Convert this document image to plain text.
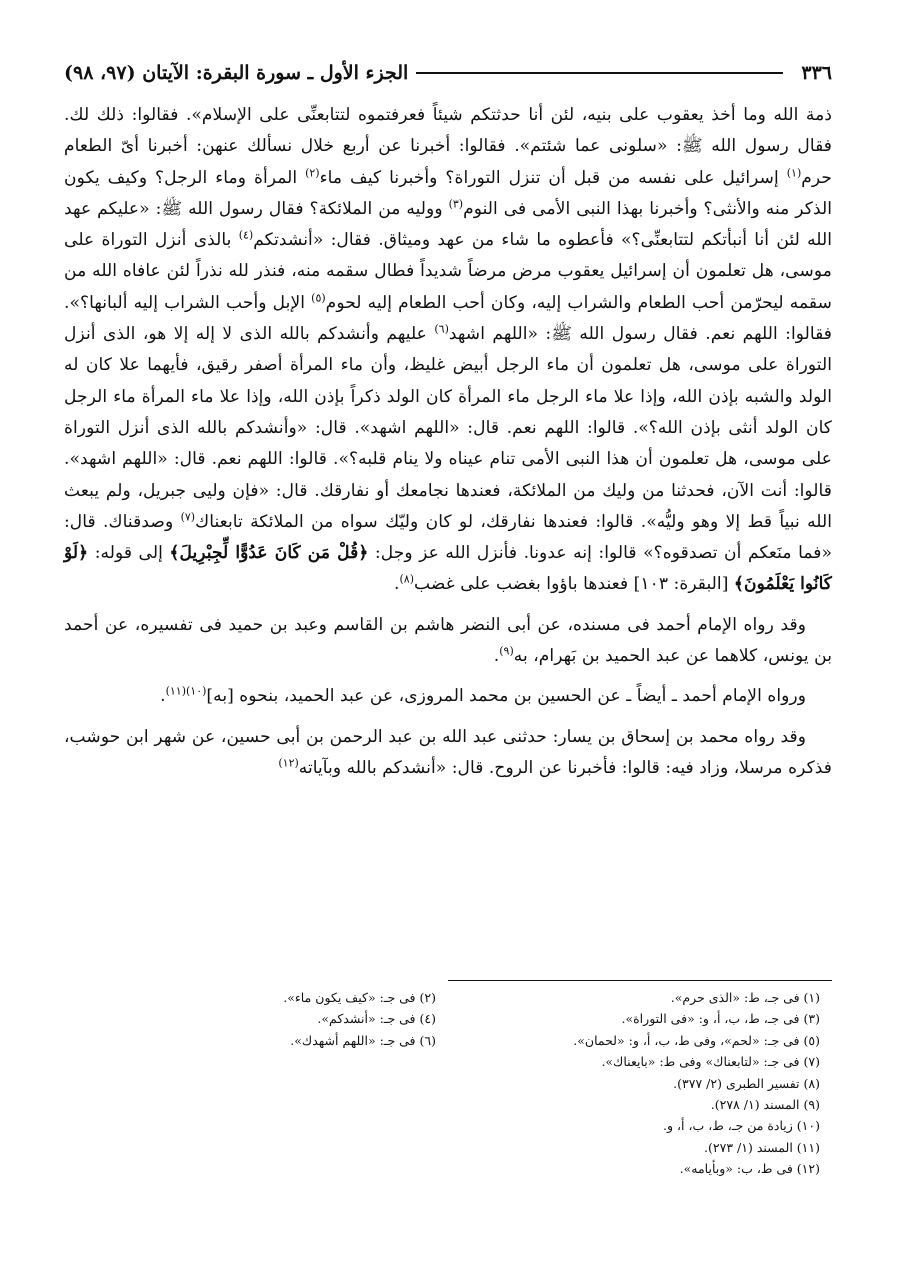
٣٣٦
الجزء الأول ـ سورة البقرة: الآيتان (٩٧، ٩٨)

ذمة الله وما أخذ يعقوب على بنيه، لئن أنا حدثتكم شيئاً فعرفتموه لتتابعنِّى على الإسلام». فقالوا: ذلك لك. فقال رسول الله ﷺ: «سلونى عما شئتم». فقالوا: أخبرنا عن أربع خلال نسألك عنهن: أخبرنا أىّ الطعام حرم$^{(١)}$ إسرائيل على نفسه من قبل أن تنزل التوراة؟ وأخبرنا كيف ماء$^{(٢)}$ المرأة وماء الرجل؟ وكيف يكون الذكر منه والأنثى؟ وأخبرنا بهذا النبى الأمى فى النوم$^{(٣)}$ ووليه من الملائكة؟ فقال رسول الله ﷺ: «عليكم عهد الله لئن أنا أنبأتكم لتتابعنِّى؟» فأعطوه ما شاء من عهد وميثاق. فقال: «أنشدتكم$^{(٤)}$ بالذى أنزل التوراة على موسى، هل تعلمون أن إسرائيل يعقوب مرض مرضاً شديداً فطال سقمه منه، فنذر لله نذراً لئن عافاه الله من سقمه ليحرّمن أحب الطعام والشراب إليه، وكان أحب الطعام إليه لحوم$^{(٥)}$ الإبل وأحب الشراب إليه ألبانها؟». فقالوا: اللهم نعم. فقال رسول الله ﷺ: «اللهم اشهد$^{(٦)}$ عليهم وأنشدكم بالله الذى لا إله إلا هو، الذى أنزل التوراة على موسى، هل تعلمون أن ماء الرجل أبيض غليظ، وأن ماء المرأة أصفر رقيق، فأيهما علا كان له الولد والشبه بإذن الله، وإذا علا ماء الرجل ماء المرأة كان الولد ذكراً بإذن الله، وإذا علا ماء المرأة ماء الرجل كان الولد أنثى بإذن الله؟». قالوا: اللهم نعم. قال: «اللهم اشهد». قال: «وأنشدكم بالله الذى أنزل التوراة على موسى، هل تعلمون أن هذا النبى الأمى تنام عيناه ولا ينام قلبه؟». قالوا: اللهم نعم. قال: «اللهم اشهد». قالوا: أنت الآن، فحدثنا من وليك من الملائكة، فعندها نجامعك أو نفارقك. قال: «فإن وليى جبريل، ولم يبعث الله نبياً قط إلا وهو وليُّه». قالوا: فعندها نفارقك، لو كان وليّك سواه من الملائكة تابعناك$^{(٧)}$ وصدقناك. قال: «فما منَعكم أن تصدقوه؟» قالوا: إنه عدونا. فأنزل الله عز وجل: ﴿قُلْ مَن كَانَ عَدُوًّا لِّجِبْرِيلَ﴾ إلى قوله: ﴿لَوْ كَانُوا يَعْلَمُونَ﴾ [البقرة: ١٠٣] فعندها باؤوا بغضب على غضب$^{(٨)}$.

وقد رواه الإمام أحمد فى مسنده، عن أبى النضر هاشم بن القاسم وعبد بن حميد فى تفسيره، عن أحمد بن يونس، كلاهما عن عبد الحميد بن بَهرام، به$^{(٩)}$.

ورواه الإمام أحمد ـ أيضاً ـ عن الحسين بن محمد المروزى، عن عبد الحميد، بنحوه [به]$^{(١٠)(١١)}$.

وقد رواه محمد بن إسحاق بن يسار: حدثنى عبد الله بن عبد الرحمن بن أبى حسين، عن شهر ابن حوشب، فذكره مرسلا، وزاد فيه: قالوا: فأخبرنا عن الروح. قال: «أنشدكم بالله وبآياته$^{(١٢)}$

(١) فى جـ، ط: «الذى حرم».
(٣) فى جـ، ط، ب، أ، و: «فى التوراة».
(٥) فى جـ: «لحم»، وفى ط، ب، أ، و: «لحمان».
(٧) فى جـ: «لتابعناك» وفى ط: «بايعناك».
(٨) تفسير الطبرى (٢/ ٣٧٧).
(٩) المسند (١/ ٢٧٨).
(١٠) زيادة من جـ، ط، ب، أ، و.
(١١) المسند (١/ ٢٧٣).
(١٢) فى ط، ب: «وبأيامه».
(٢) فى جـ: «كيف يكون ماء».
(٤) فى جـ: «أنشدكم».
(٦) فى جـ: «اللهم أشهدك».
